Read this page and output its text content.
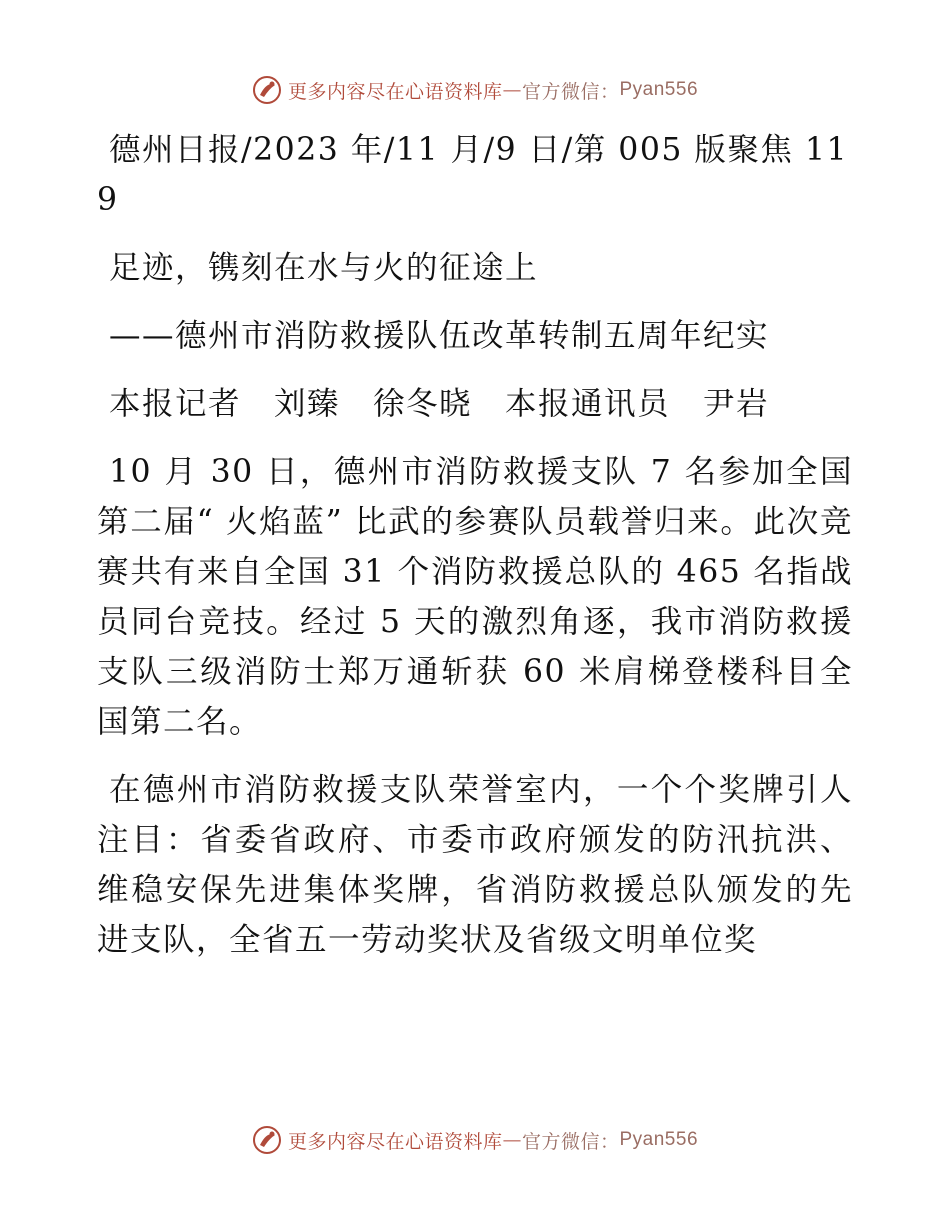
更多内容尽在心语资料库 — 官方微信： Pyan556

德州日报/2023 年/11 月/9 日/第 005 版聚焦 119

足迹，镌刻在水与火的征途上

——德州市消防救援队伍改革转制五周年纪实

本报记者　刘臻　徐冬晓　本报通讯员　尹岩

10 月 30 日，德州市消防救援支队 7 名参加全国第二届“ 火焰蓝” 比武的参赛队员载誉归来。此次竞赛共有来自全国 31 个消防救援总队的 465 名指战员同台竞技。经过 5 天的激烈角逐，我市消防救援支队三级消防士郑万通斩获 60 米肩梯登楼科目全国第二名。

在德州市消防救援支队荣誉室内，一个个奖牌引人注目：省委省政府、市委市政府颁发的防汛抗洪、维稳安保先进集体奖牌，省消防救援总队颁发的先进支队，全省五一劳动奖状及省级文明单位奖

更多内容尽在心语资料库 — 官方微信： Pyan556
